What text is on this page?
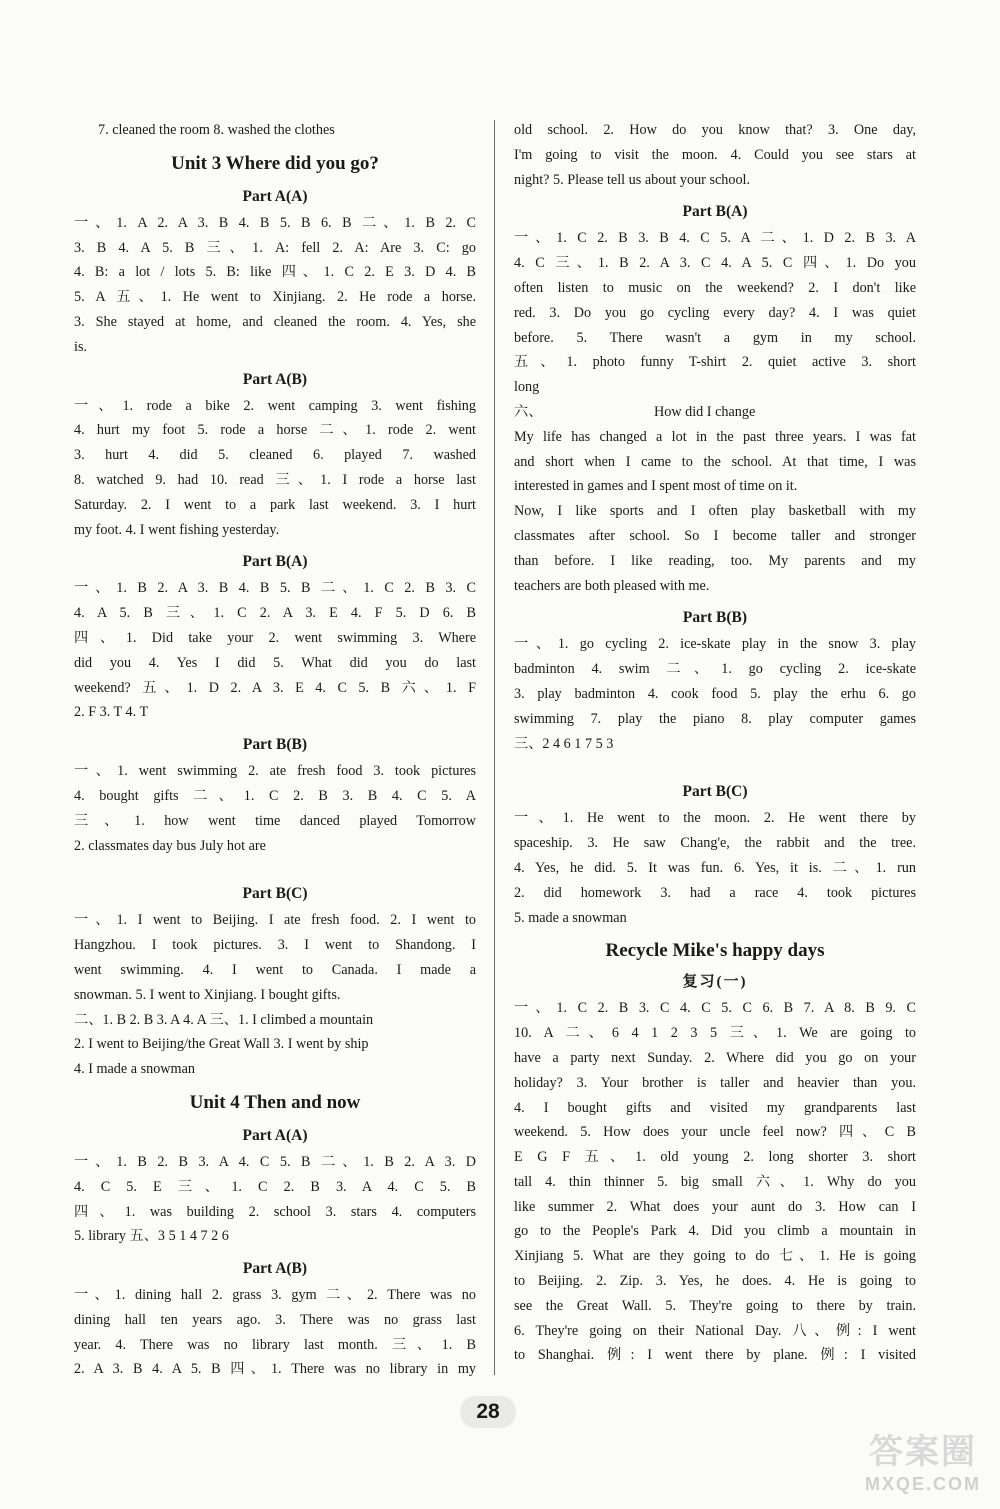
7. cleaned the room 8. washed the clothes
Unit 3 Where did you go?
Part A(A)
一、1. A 2. A 3. B 4. B 5. B 6. B 二、1. B 2. C
3. B 4. A 5. B 三、1. A: fell 2. A: Are 3. C: go
4. B: a lot / lots 5. B: like 四、1. C 2. E 3. D 4. B
5. A 五、1. He went to Xinjiang. 2. He rode a horse.
3. She stayed at home, and cleaned the room. 4. Yes, she
is.
Part A(B)
一、1. rode a bike 2. went camping 3. went fishing
4. hurt my foot 5. rode a horse 二、1. rode 2. went
3. hurt 4. did 5. cleaned 6. played 7. washed
8. watched 9. had 10. read 三、1. I rode a horse last
Saturday. 2. I went to a park last weekend. 3. I hurt
my foot. 4. I went fishing yesterday.
Part B(A)
一、1. B 2. A 3. B 4. B 5. B 二、1. C 2. B 3. C
4. A 5. B 三、1. C 2. A 3. E 4. F 5. D 6. B
四、1. Did take your 2. went swimming 3. Where
did you 4. Yes I did 5. What did you do last
weekend? 五、1. D 2. A 3. E 4. C 5. B 六、1. F
2. F 3. T 4. T
Part B(B)
一、1. went swimming 2. ate fresh food 3. took pictures
4. bought gifts 二、1. C 2. B 3. B 4. C 5. A
三、1. how went time danced played Tomorrow
2. classmates day bus July hot are
Part B(C)
一、1. I went to Beijing. I ate fresh food. 2. I went to
Hangzhou. I took pictures. 3. I went to Shandong. I
went swimming. 4. I went to Canada. I made a
snowman. 5. I went to Xinjiang. I bought gifts.
二、1. B 2. B 3. A 4. A 三、1. I climbed a mountain
2. I went to Beijing/the Great Wall 3. I went by ship
4. I made a snowman
Unit 4 Then and now
Part A(A)
一、1. B 2. B 3. A 4. C 5. B 二、1. B 2. A 3. D
4. C 5. E 三、1. C 2. B 3. A 4. C 5. B
四、1. was building 2. school 3. stars 4. computers
5. library 五、3 5 1 4 7 2 6
Part A(B)
一、1. dining hall 2. grass 3. gym 二、2. There was no
dining hall ten years ago. 3. There was no grass last
year. 4. There was no library last month. 三、1. B
2. A 3. B 4. A 5. B 四、1. There was no library in my
old school. 2. How do you know that? 3. One day,
I'm going to visit the moon. 4. Could you see stars at
night? 5. Please tell us about your school.
Part B(A)
一、1. C 2. B 3. B 4. C 5. A 二、1. D 2. B 3. A
4. C 三、1. B 2. A 3. C 4. A 5. C 四、1. Do you
often listen to music on the weekend? 2. I don't like
red. 3. Do you go cycling every day? 4. I was quiet
before. 5. There wasn't a gym in my school.
五、1. photo funny T-shirt 2. quiet active 3. short
long
六、	How did I change
My life has changed a lot in the past three years. I was fat
and short when I came to the school. At that time, I was
interested in games and I spent most of time on it.
Now, I like sports and I often play basketball with my
classmates after school. So I become taller and stronger
than before. I like reading, too. My parents and my
teachers are both pleased with me.
Part B(B)
一、1. go cycling 2. ice-skate play in the snow 3. play
badminton 4. swim 二、1. go cycling 2. ice-skate
3. play badminton 4. cook food 5. play the erhu 6. go
swimming 7. play the piano 8. play computer games
三、2 4 6 1 7 5 3
Part B(C)
一、1. He went to the moon. 2. He went there by
spaceship. 3. He saw Chang'e, the rabbit and the tree.
4. Yes, he did. 5. It was fun. 6. Yes, it is. 二、1. run
2. did homework 3. had a race 4. took pictures
5. made a snowman
Recycle Mike's happy days
复习(一)
一、1. C 2. B 3. C 4. C 5. C 6. B 7. A 8. B 9. C
10. A 二、6 4 1 2 3 5 三、1. We are going to
have a party next Sunday. 2. Where did you go on your
holiday? 3. Your brother is taller and heavier than you.
4. I bought gifts and visited my grandparents last
weekend. 5. How does your uncle feel now? 四、C B
E G F 五、1. old young 2. long shorter 3. short
tall 4. thin thinner 5. big small 六、1. Why do you
like summer 2. What does your aunt do 3. How can I
go to the People's Park 4. Did you climb a mountain in
Xinjiang 5. What are they going to do 七、1. He is going
to Beijing. 2. Zip. 3. Yes, he does. 4. He is going to
see the Great Wall. 5. They're going to there by train.
6. They're going on their National Day. 八、例: I went
to Shanghai. 例: I went there by plane. 例: I visited
28
答案圈
MXQE.COM
